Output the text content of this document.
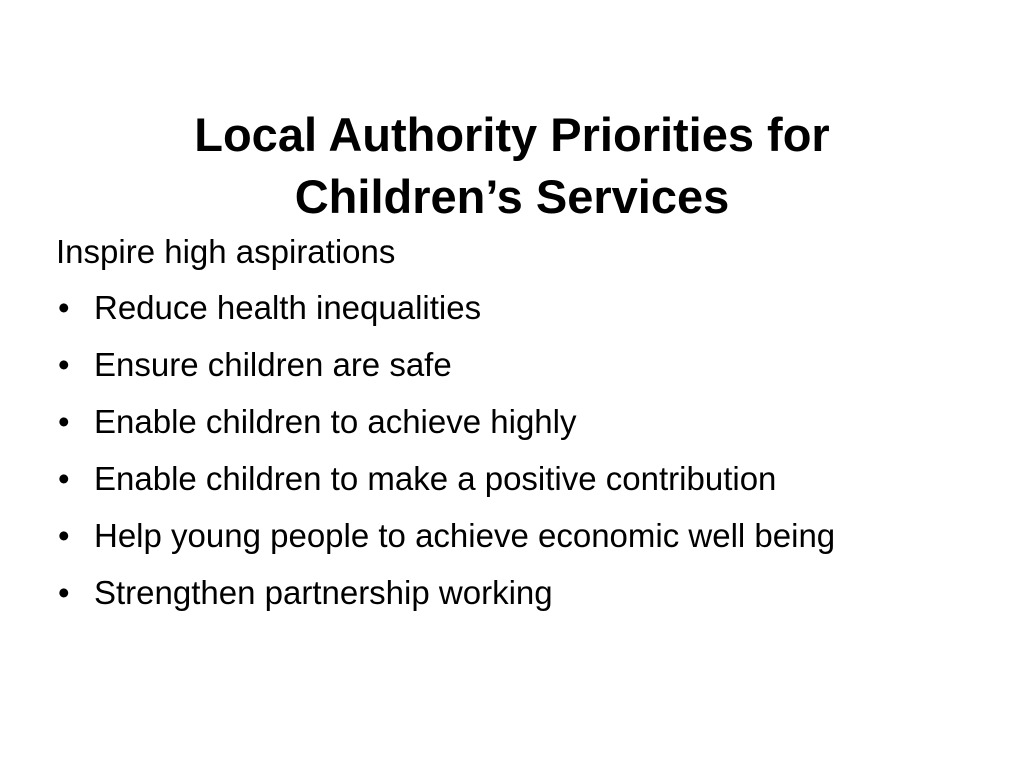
Local Authority Priorities for
Children’s Services

Inspire high aspirations

• Reduce health inequalities
• Ensure children are safe
• Enable children to achieve highly
• Enable children to make a positive contribution
• Help young people to achieve economic well being
• Strengthen partnership working
